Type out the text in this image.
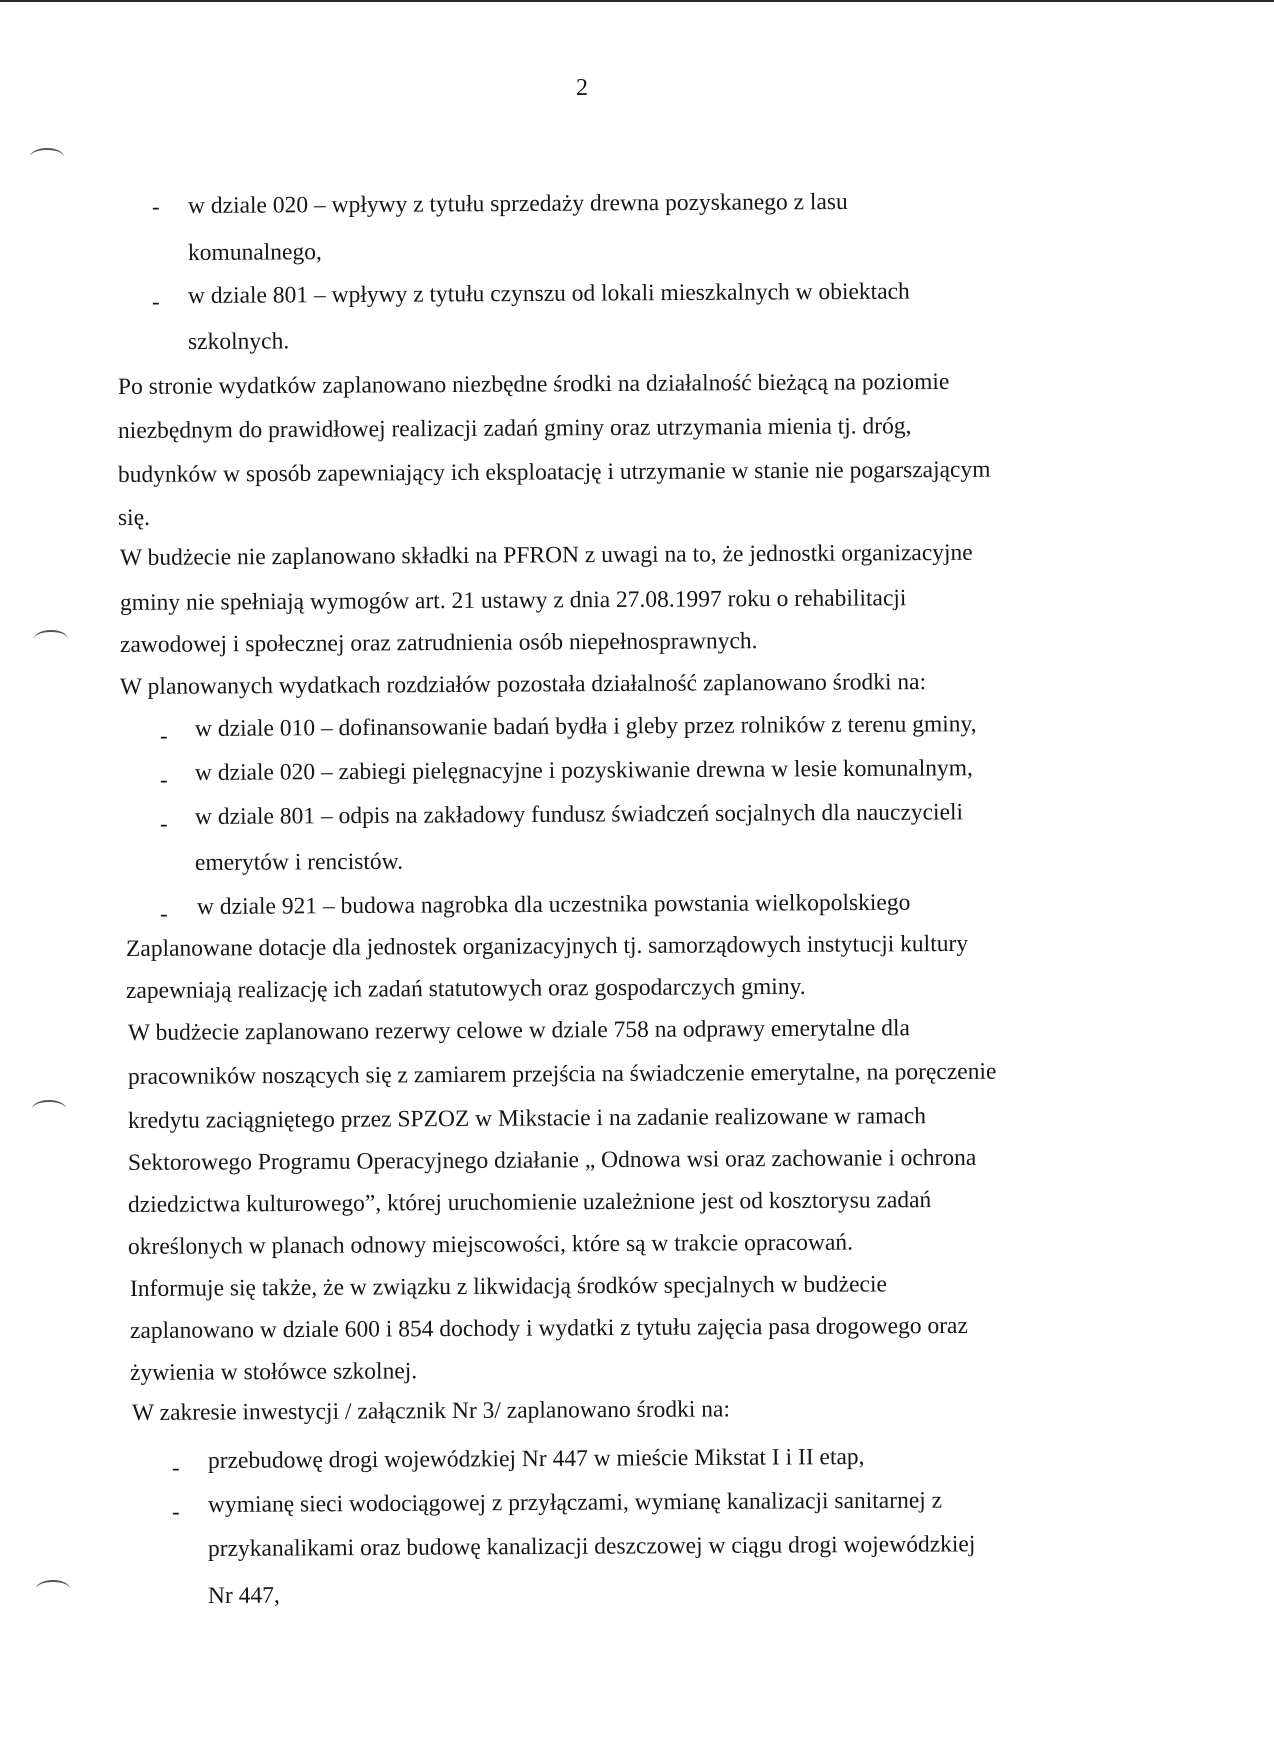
2
- w dziale 020 – wpływy z tytułu sprzedaży drewna pozyskanego z lasu
komunalnego,
- w dziale 801 – wpływy z tytułu czynszu od lokali mieszkalnych w obiektach
szkolnych.
Po stronie wydatków zaplanowano niezbędne środki na działalność bieżącą na poziomie
niezbędnym do prawidłowej realizacji zadań gminy oraz utrzymania mienia tj. dróg,
budynków w sposób zapewniający ich eksploatację i utrzymanie w stanie nie pogarszającym
się.
W budżecie nie zaplanowano składki na PFRON z uwagi na to, że jednostki organizacyjne
gminy nie spełniają wymogów art. 21 ustawy z dnia 27.08.1997 roku o rehabilitacji
zawodowej i społecznej oraz zatrudnienia osób niepełnosprawnych.
W planowanych wydatkach rozdziałów pozostała działalność zaplanowano środki na:
- w dziale 010 – dofinansowanie badań bydła i gleby przez rolników z terenu gminy,
- w dziale 020 – zabiegi pielęgnacyjne i pozyskiwanie drewna w lesie komunalnym,
- w dziale 801 – odpis na zakładowy fundusz świadczeń socjalnych dla nauczycieli
emerytów i rencistów.
- w dziale 921 – budowa nagrobka dla uczestnika powstania wielkopolskiego
Zaplanowane dotacje dla jednostek organizacyjnych tj. samorządowych instytucji kultury
zapewniają realizację ich zadań statutowych oraz gospodarczych gminy.
W budżecie zaplanowano rezerwy celowe w dziale 758 na odprawy emerytalne dla
pracowników noszących się z zamiarem przejścia na świadczenie emerytalne, na poręczenie
kredytu zaciągniętego przez SPZOZ w Mikstacie i na zadanie realizowane w ramach
Sektorowego Programu Operacyjnego działanie „ Odnowa wsi oraz zachowanie i ochrona
dziedzictwa kulturowego”, której uruchomienie uzależnione jest od kosztorysu zadań
określonych w planach odnowy miejscowości, które są w trakcie opracowań.
Informuje się także, że w związku z likwidacją środków specjalnych w budżecie
zaplanowano w dziale 600 i 854 dochody i wydatki z tytułu zajęcia pasa drogowego oraz
żywienia w stołówce szkolnej.
W zakresie inwestycji / załącznik Nr 3/ zaplanowano środki na:
- przebudowę drogi wojewódzkiej Nr 447 w mieście Mikstat I i II etap,
- wymianę sieci wodociągowej z przyłączami, wymianę kanalizacji sanitarnej z
przykanalikami oraz budowę kanalizacji deszczowej w ciągu drogi wojewódzkiej
Nr 447,
